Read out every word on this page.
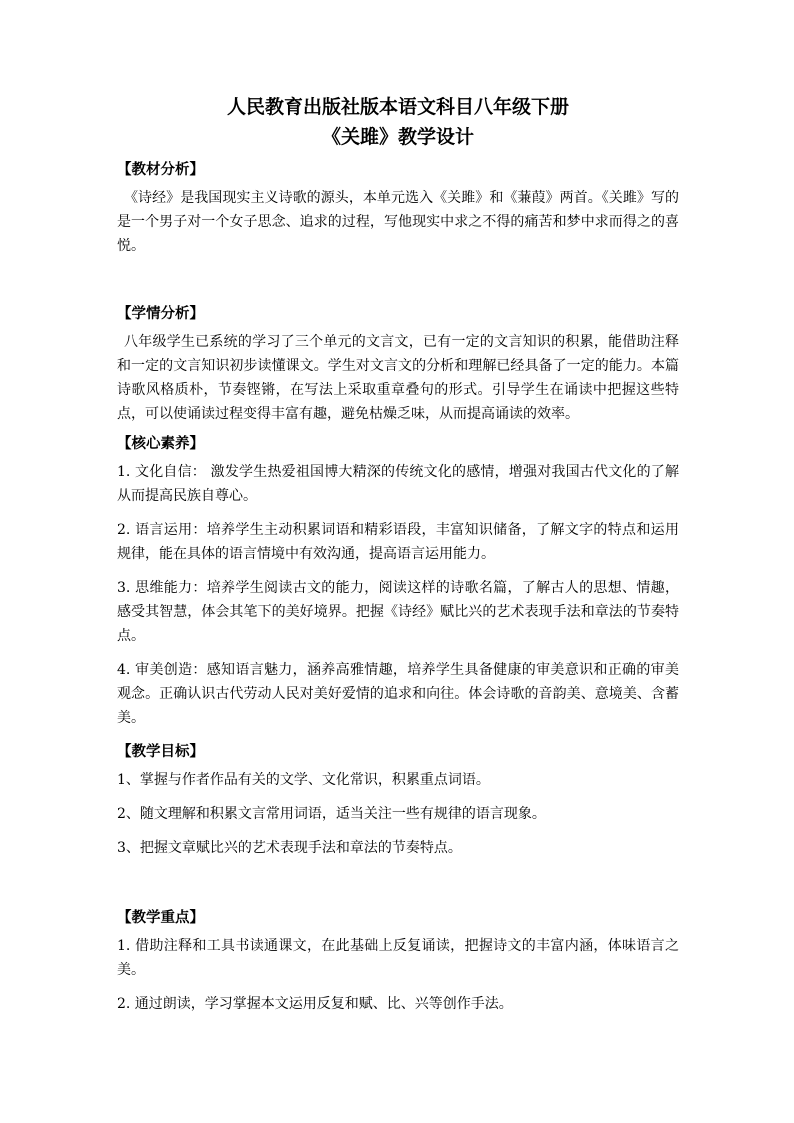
人民教育出版社版本语文科目八年级下册

《关雎》教学设计

【教材分析】

《诗经》是我国现实主义诗歌的源头，本单元选入《关雎》和《蒹葭》两首。《关雎》写的是一个男子对一个女子思念、追求的过程，写他现实中求之不得的痛苦和梦中求而得之的喜悦。

【学情分析】

八年级学生已系统的学习了三个单元的文言文，已有一定的文言知识的积累，能借助注释和一定的文言知识初步读懂课文。学生对文言文的分析和理解已经具备了一定的能力。本篇诗歌风格质朴，节奏铿锵，在写法上采取重章叠句的形式。引导学生在诵读中把握这些特点，可以使诵读过程变得丰富有趣，避免枯燥乏味，从而提高诵读的效率。

【核心素养】

1. 文化自信： 激发学生热爱祖国博大精深的传统文化的感情，增强对我国古代文化的了解从而提高民族自尊心。

2. 语言运用：培养学生主动积累词语和精彩语段，丰富知识储备，了解文字的特点和运用规律，能在具体的语言情境中有效沟通，提高语言运用能力。

3. 思维能力：培养学生阅读古文的能力，阅读这样的诗歌名篇，了解古人的思想、情趣，感受其智慧，体会其笔下的美好境界。把握《诗经》赋比兴的艺术表现手法和章法的节奏特点。

4. 审美创造：感知语言魅力，涵养高雅情趣，培养学生具备健康的审美意识和正确的审美观念。正确认识古代劳动人民对美好爱情的追求和向往。体会诗歌的音韵美、意境美、含蓄美。

【教学目标】

1、掌握与作者作品有关的文学、文化常识，积累重点词语。

2、随文理解和积累文言常用词语，适当关注一些有规律的语言现象。

3、把握文章赋比兴的艺术表现手法和章法的节奏特点。

【教学重点】

1. 借助注释和工具书读通课文，在此基础上反复诵读，把握诗文的丰富内涵，体味语言之美。

2. 通过朗读，学习掌握本文运用反复和赋、比、兴等创作手法。
